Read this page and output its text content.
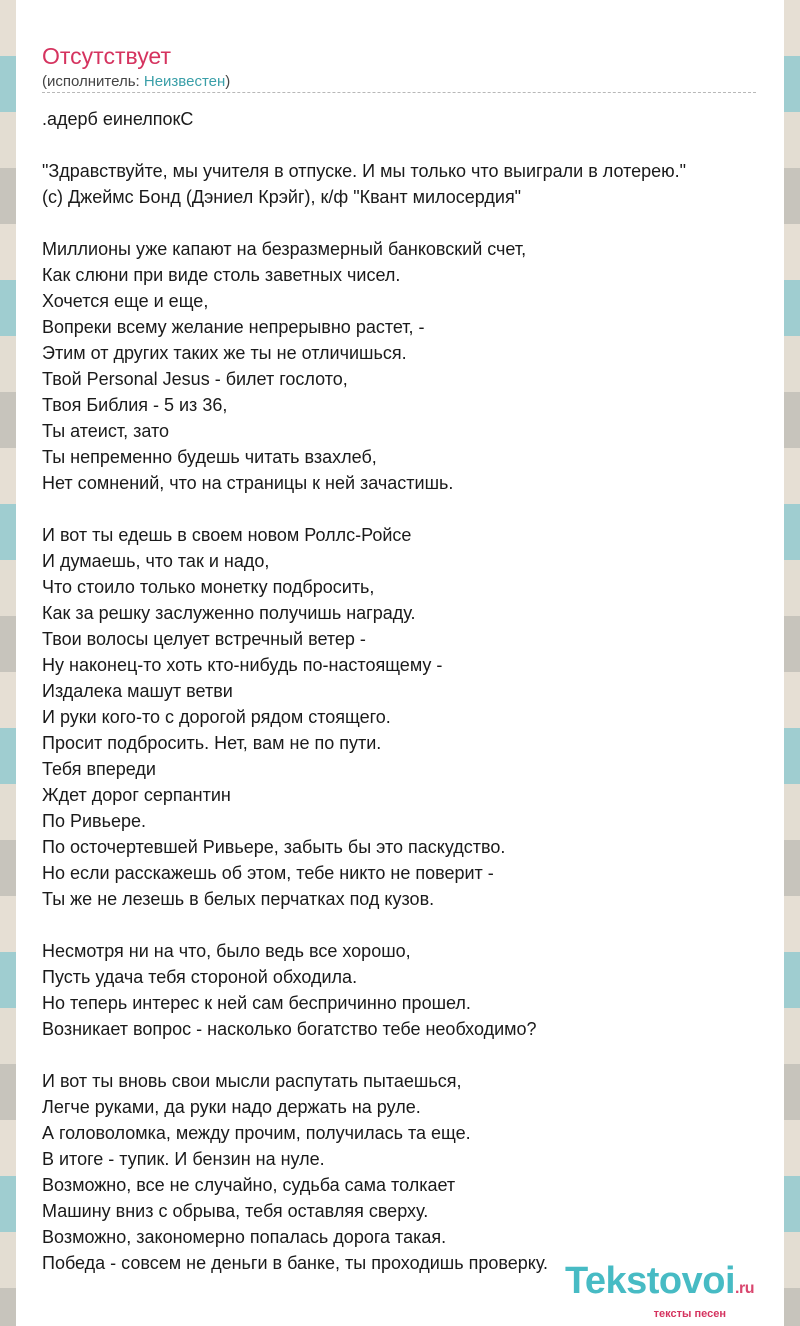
Отсутствует
(исполнитель: Неизвестен)
.адерб еинелпокС
"Здравствуйте, мы учителя в отпуске. И мы только что выиграли в лотерею."
(с) Джеймс Бонд (Дэниел Крэйг), к/ф "Квант милосердия"
Миллионы уже капают на безразмерный банковский счет,
Как слюни при виде столь заветных чисел.
Хочется еще и еще,
Вопреки всему желание непрерывно растет, -
Этим от других таких же ты не отличишься.
Твой Personal Jesus - билет гослото,
Твоя Библия - 5 из 36,
Ты атеист, зато
Ты непременно будешь читать взахлеб,
Нет сомнений, что на страницы к ней зачастишь.
И вот ты едешь в своем новом Роллс-Ройсе
И думаешь, что так и надо,
Что стоило только монетку подбросить,
Как за решку заслуженно получишь награду.
Твои волосы целует встречный ветер -
Ну наконец-то хоть кто-нибудь по-настоящему -
Издалека машут ветви
И руки кого-то с дорогой рядом стоящего.
Просит подбросить. Нет, вам не по пути.
Тебя впереди
Ждет дорог серпантин
По Ривьере.
По осточертевшей Ривьере, забыть бы это паскудство.
Но если расскажешь об этом, тебе никто не поверит -
Ты же не лезешь в белых перчатках под кузов.
Несмотря ни на что, было ведь все хорошо,
Пусть удача тебя стороной обходила.
Но теперь интерес к ней сам беспричинно прошел.
Возникает вопрос - насколько богатство тебе необходимо?
И вот ты вновь свои мысли распутать пытаешься,
Легче руками, да руки надо держать на руле.
А головоломка, между прочим, получилась та еще.
В итоге - тупик. И бензин на нуле.
Возможно, все не случайно, судьба сама толкает
Машину вниз с обрыва, тебя оставляя сверху.
Возможно, закономерно попалась дорога такая.
Победа - совсем не деньги в банке, ты проходишь проверку. Tekstovoi.ru
тексты песен
